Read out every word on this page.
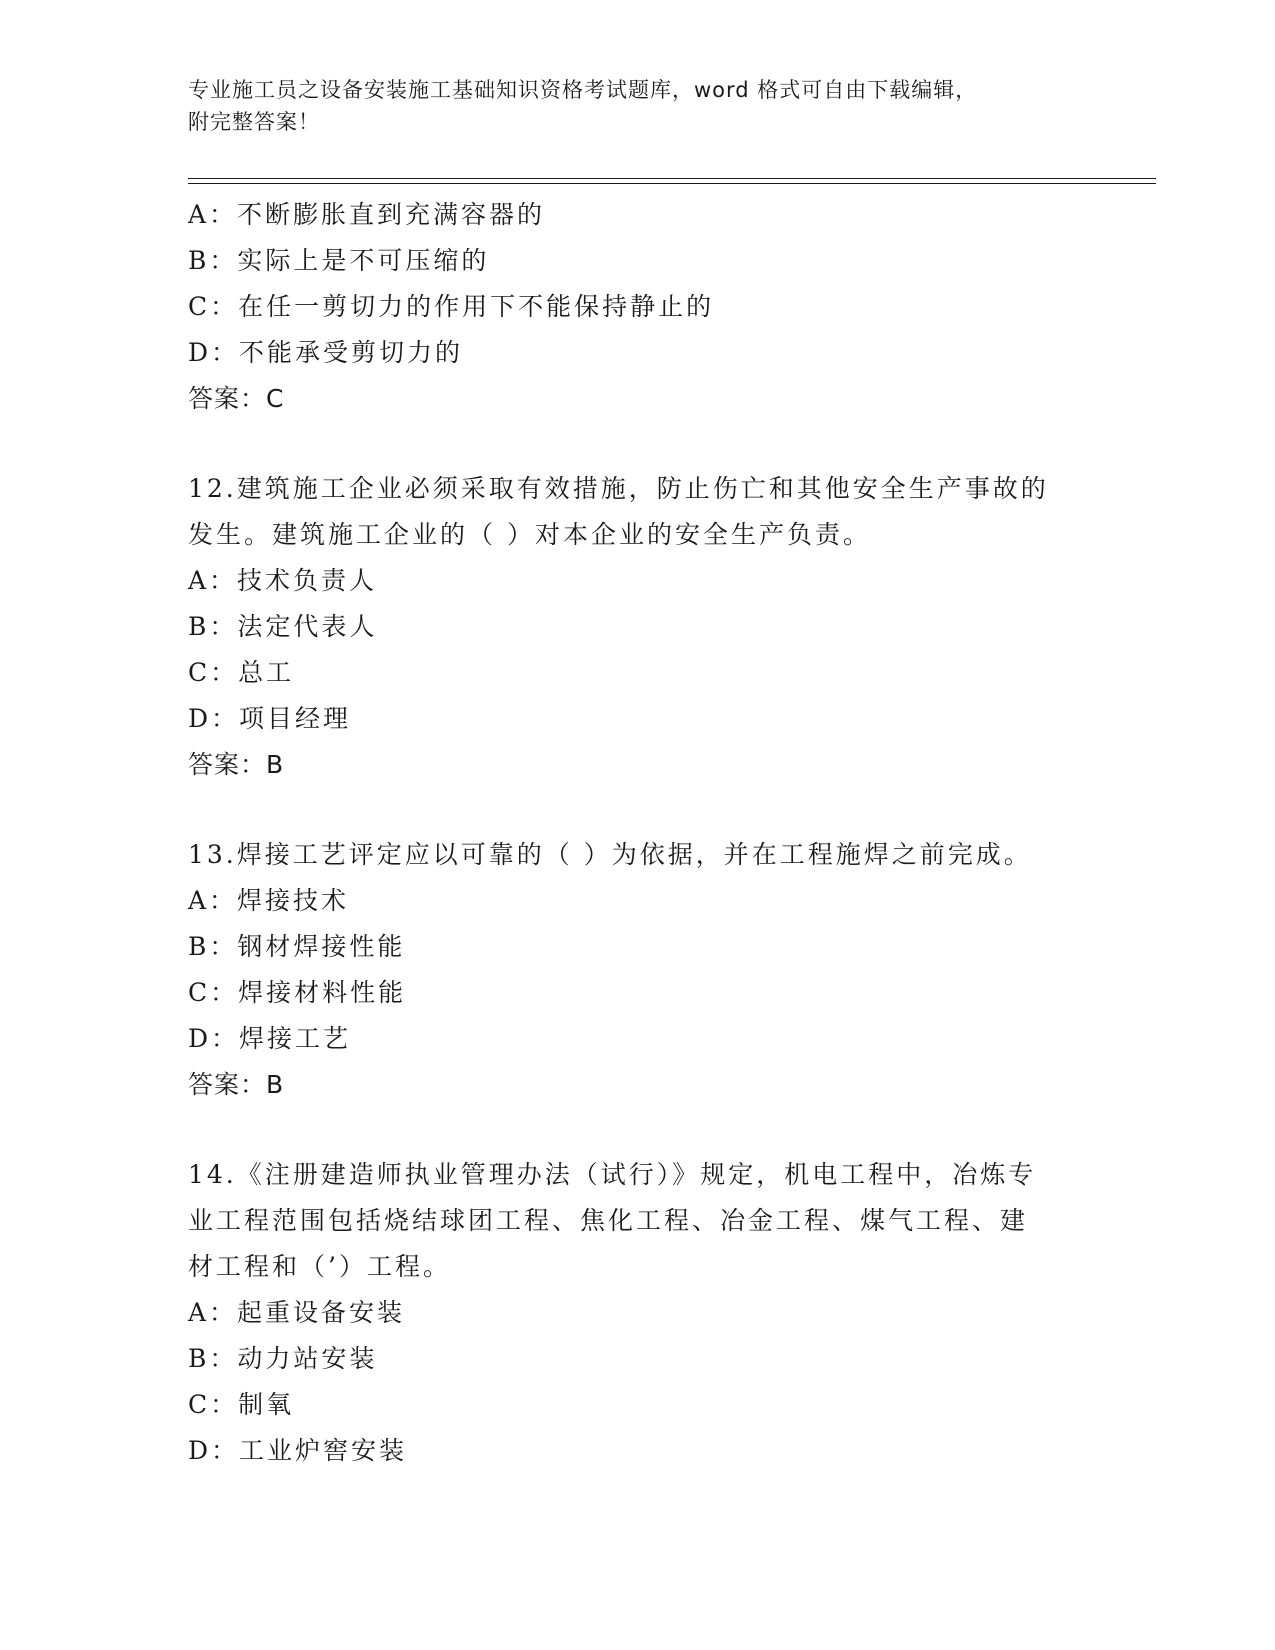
专业施工员之设备安装施工基础知识资格考试题库，word 格式可自由下载编辑，
附完整答案！
A：不断膨胀直到充满容器的
B：实际上是不可压缩的
C：在任一剪切力的作用下不能保持静止的
D：不能承受剪切力的
答案：C
12.建筑施工企业必须采取有效措施，防止伤亡和其他安全生产事故的
发生。建筑施工企业的（ ）对本企业的安全生产负责。
A：技术负责人
B：法定代表人
C：总工
D：项目经理
答案：B
13.焊接工艺评定应以可靠的（ ）为依据，并在工程施焊之前完成。
A：焊接技术
B：钢材焊接性能
C：焊接材料性能
D：焊接工艺
答案：B
14.《注册建造师执业管理办法（试行）》规定，机电工程中，冶炼专
业工程范围包括烧结球团工程、焦化工程、冶金工程、煤气工程、建
材工程和（’）工程。
A：起重设备安装
B：动力站安装
C：制氧
D：工业炉窖安装
